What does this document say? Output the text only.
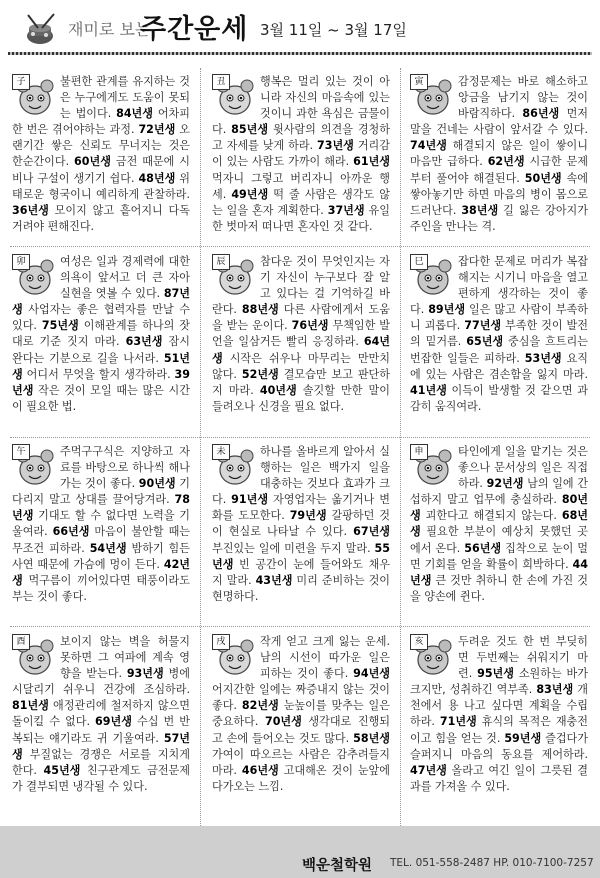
재미로 보는
주간운세 3월 11일 ~ 3월 17일
子	불편한 관계를 유지하는 것은 누구에게도 도움이 못되는 법이다. 84년생 어차피 한 번은 겪어야하는 과정. 72년생 오랜기간 쌓은 신뢰도 무너지는 것은 한순간이다. 60년생 금전 때문에 시비나 구설이 생기기 쉽다. 48년생 위태로운 형국이니 예리하게 관찰하라. 36년생 모이지 않고 흩어지니 다독거려야 편해진다.

丑	행복은 멀리 있는 것이 아니라 자신의 마음속에 있는 것이니 과한 욕심은 금물이다. 85년생 윗사람의 의견을 경청하고 자세를 낮게 하라. 73년생 거리감이 있는 사람도 가까이 해라. 61년생 먹자니 그렇고 버리자니 아까운 행세. 49년생 떡 줄 사람은 생각도 않는 일을 혼자 계획한다. 37년생 유일한 벗마저 떠나면 혼자인 것 같다.

寅	감정문제는 바로 해소하고 앙금을 남기지 않는 것이 바람직하다. 86년생 먼저 말을 건네는 사람이 앞서갈 수 있다. 74년생 해결되지 않은 일이 쌓이니 마음만 급하다. 62년생 시급한 문제부터 풀어야 해결된다. 50년생 속에 쌓아놓기만 하면 마음의 병이 몸으로 드러난다. 38년생 길 잃은 강아지가 주인을 만나는 격.

卯	여성은 일과 경제력에 대한 의욕이 앞서고 더 큰 자아실현을 엿볼 수 있다. 87년생 사업자는 좋은 협력자를 만날 수 있다. 75년생 이해관계를 하나의 잣대로 기준 짓지 마라. 63년생 잠시 완다는 기분으로 길을 나서라. 51년생 어디서 무엇을 할지 생각하라. 39년생 작은 것이 모일 때는 많은 시간이 필요한 법.

辰	참다운 것이 무엇인지는 자기 자신이 누구보다 잘 알고 있다는 걸 기억하길 바란다. 88년생 다른 사람에게서 도움을 받는 운이다. 76년생 무책임한 발언을 일삼거든 빨리 응징하라. 64년생 시작은 쉬우나 마무리는 만만치 않다. 52년생 결모습만 보고 판단하지 마라. 40년생 솔깃할 만한 말이 들려오나 신경을 필요 없다.

巳	잡다한 문제로 머리가 복잡해지는 시기니 마음을 열고 편하게 생각하는 것이 좋다. 89년생 일은 많고 사람이 부족하니 괴롭다. 77년생 부족한 것이 발전의 밑거름. 65년생 중심을 흐트리는 번잡한 일들은 피하라. 53년생 요직에 있는 사람은 겸손함을 잃지 마라. 41년생 이득이 발생할 것 같으면 과감히 움직여라.

午	주먹구구식은 지양하고 자료를 바탕으로 하나씩 해나가는 것이 좋다. 90년생 기다리지 말고 상대를 끌어당겨라. 78년생 기대도 할 수 없다면 노력을 기울여라. 66년생 마음이 불안할 때는 무조건 피하라. 54년생 밤하기 힘든 사연 때문에 가슴에 멍이 든다. 42년생 먹구름이 끼어있다면 태풍이라도 부는 것이 좋다.

未	하나를 올바르게 알아서 실행하는 일은 백가지 일을 대충하는 것보다 효과가 크다. 91년생 자영업자는 옮기거나 변화를 도모한다. 79년생 갈팡하던 것이 현실로 나타날 수 있다. 67년생 부진있는 일에 미련을 두지 말라. 55년생 빈 공간이 눈에 들어와도 채우지 말라. 43년생 미리 준비하는 것이 현명하다.

申	타인에게 일을 맡기는 것은 좋으나 문서상의 일은 직접 하라. 92년생 남의 일에 간섭하지 말고 업무에 충실하라. 80년생 괴한다고 해결되지 않는다. 68년생 필요한 부분이 예상치 못했던 곳에서 온다. 56년생 집착으로 눈이 멀면 기회를 얻을 확률이 희박하다. 44년생 큰 것만 취하니 한 손에 가진 것을 양손에 쥔다.

酉	보이지 않는 벽을 허물지 못하면 그 여파에 계속 영향을 받는다. 93년생 병에 시달리기 쉬우니 건강에 조심하라. 81년생 애정관리에 철저하지 않으면 돌이킬 수 없다. 69년생 수십 번 반복되는 얘기라도 귀 기울여라. 57년생 부질없는 경쟁은 서로를 지치게 한다. 45년생 친구관계도 금전문제가 결부되면 냉각될 수 있다.

戌	작게 얻고 크게 잃는 운세. 남의 시선이 따가운 일은 피하는 것이 좋다. 94년생 어지간한 일에는 짜증내지 않는 것이 좋다. 82년생 눈높이를 맞추는 일은 중요하다. 70년생 생각대로 진행되고 손에 들어오는 것도 많다. 58년생 가여이 따오르는 사람은 감추려들지 마라. 46년생 고대해온 것이 눈앞에 다가오는 느낌.

亥	두려운 것도 한 번 부딪히면 두번째는 쉬워지기 마련. 95년생 소원하는 바가 크지만, 성취하긴 역부족. 83년생 개천에서 용 나고 싶다면 계획을 수립하라. 71년생 휴식의 목적은 재충전이고 힘을 얻는 것. 59년생 즐겁다가 슬퍼지니 마음의 동요를 제어하라. 47년생 올라고 여긴 일이 그릇된 결과를 가져올 수 있다.

백운철학원 TEL. 051-558-2487 HP. 010-7100-7257
